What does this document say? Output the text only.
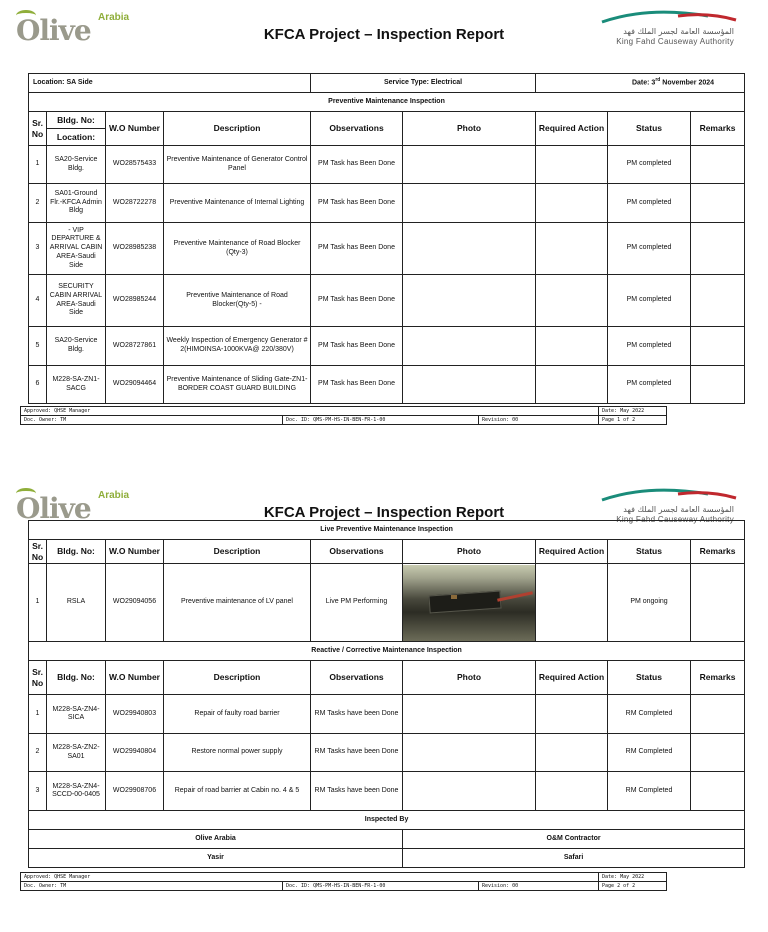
Olive Arabia
KFCA Project – Inspection Report	المؤسسة العامة لجسر الملك فهد
King Fahd Causeway Authority
Location: SA Side				Service Type: Electrical		Date: 3rd November 2024		
Preventive Maintenance Inspection								
Sr. No	Bldg. No:	W.O Number	Description	Observations	Photo	Required Action	Status	Remarks
	Location:							
1	SA20-Service Bldg.	WO28575433	Preventive Maintenance of Generator Control Panel	PM Task has Been Done			PM completed	
2	SA01-Ground Flr.-KFCA Admin Bldg	WO28722278	Preventive Maintenance of Internal Lighting	PM Task has Been Done			PM completed	
3	- VIP DEPARTURE & ARRIVAL CABIN AREA-Saudi Side	WO28985238	Preventive Maintenance of Road Blocker (Qty-3)	PM Task has Been Done			PM completed	
4	SECURITY CABIN ARRIVAL AREA-Saudi Side	WO28985244	Preventive Maintenance of Road Blocker(Qty-5) -	PM Task has Been Done			PM completed	
5	SA20-Service Bldg.	WO28727861	Weekly Inspection of Emergency Generator # 2(HIMOINSA-1000KVA@ 220/380V)	PM Task has Been Done			PM completed	
6	M228-SA-ZN1-SACG	WO29094464	Preventive Maintenance of Sliding Gate-ZN1-BORDER COAST GUARD BUILDING	PM Task has Been Done			PM completed	
Approved: QHSE Manager			Date: May 2022
Doc. Owner: TM	Doc. ID: QMS-PM-HS-IN-BEN-FR-1-00	Revision: 00	Page 1 of 2
Olive Arabia
KFCA Project – Inspection Report	المؤسسة العامة لجسر الملك فهد
King Fahd Causeway Authority
Live Preventive Maintenance Inspection								
Sr. No	Bldg. No:	W.O Number	Description	Observations	Photo	Required Action	Status	Remarks
1	RSLA	WO29094056	Preventive maintenance of LV panel	Live PM Performing			PM ongoing	
Reactive / Corrective Maintenance Inspection								
Sr. No	Bldg. No:	W.O Number	Description	Observations	Photo	Required Action	Status	Remarks
1	M228-SA-ZN4-SICA	WO29940803	Repair of faulty road barrier	RM Tasks have been Done			RM Completed	
2	M228-SA-ZN2-SA01	WO29940804	Restore normal power supply	RM Tasks have been Done			RM Completed	
3	M228-SA-ZN4-SCCD-00-0405	WO29908706	Repair of road barrier at Cabin no. 4 & 5	RM Tasks have been Done			RM Completed	
Inspected By								
Olive Arabia					O&M Contractor			
Yasir					Safari			
Approved: QHSE Manager			Date: May 2022
Doc. Owner: TM	Doc. ID: QMS-PM-HS-IN-BEN-FR-1-00	Revision: 00	Page 2 of 2
